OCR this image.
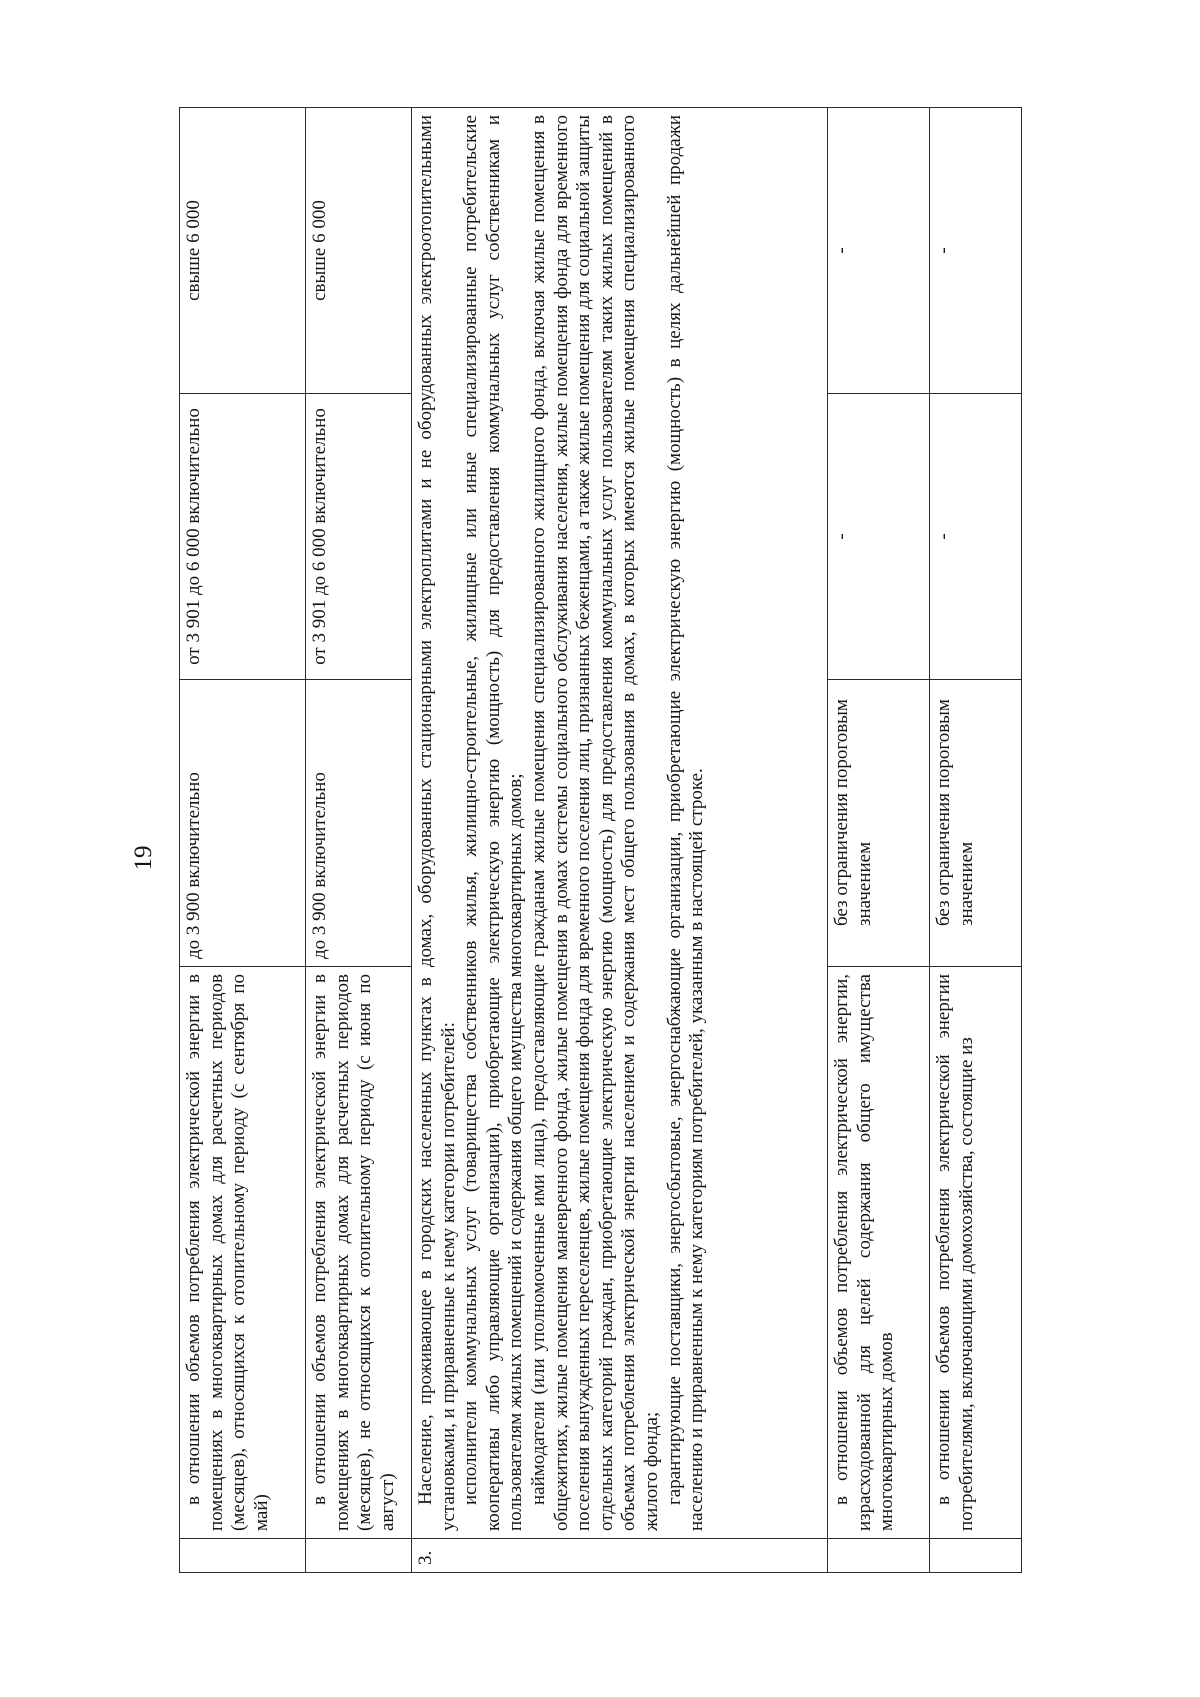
19

	в отношении объемов потребления электрической энергии в помещениях в многоквартирных домах для расчетных периодов (месяцев), относящихся к отопительному периоду (с сентября по май)	до 3 900 включительно	от 3 901 до 6 000 включительно	свыше 6 000

	в отношении объемов потребления электрической энергии в помещениях в многоквартирных домах для расчетных периодов (месяцев), не относящихся к отопительному периоду (с июня по август)	до 3 900 включительно	от 3 901 до 6 000 включительно	свыше 6 000
3.	Население, проживающее в городских населенных пунктах в домах, оборудованных стационарными электроплитами и не оборудованных электроотопительными установками, и приравненные к нему категории потребителей: исполнители коммунальных услуг (товарищества собственников жилья, жилищно-строительные, жилищные или иные специализированные потребительские кооперативы либо управляющие организации), приобретающие электрическую энергию (мощность) для предоставления коммунальных услуг собственникам и пользователям жилых помещений и содержания общего имущества многоквартирных домов; наймодатели (или уполномоченные ими лица), предоставляющие гражданам жилые помещения специализированного жилищного фонда, включая жилые помещения в общежитиях, жилые помещения маневренного фонда, жилые помещения в домах системы социального обслуживания населения, жилые помещения фонда для временного поселения вынужденных переселенцев, жилые помещения фонда для временного поселения лиц, признанных беженцами, а также жилые помещения для социальной защиты отдельных категорий граждан, приобретающие электрическую энергию (мощность) для предоставления коммунальных услуг пользователям таких жилых помещений в объемах потребления электрической энергии населением и содержания мест общего пользования в домах, в которых имеются жилые помещения специализированного жилого фонда; гарантирующие поставщики, энергосбытовые, энергоснабжающие организации, приобретающие электрическую энергию (мощность) в целях дальнейшей продажи населению и приравненным к нему категориям потребителей, указанным в настоящей строке.			

	в отношении объемов потребления электрической энергии, израсходованной для целей содержания общего имущества многоквартирных домов	без ограничения пороговым значением	-	-

	в отношении объемов потребления электрической энергии потребителями, включающими домохозяйства, состоящие из	без ограничения пороговым значением	-	-
